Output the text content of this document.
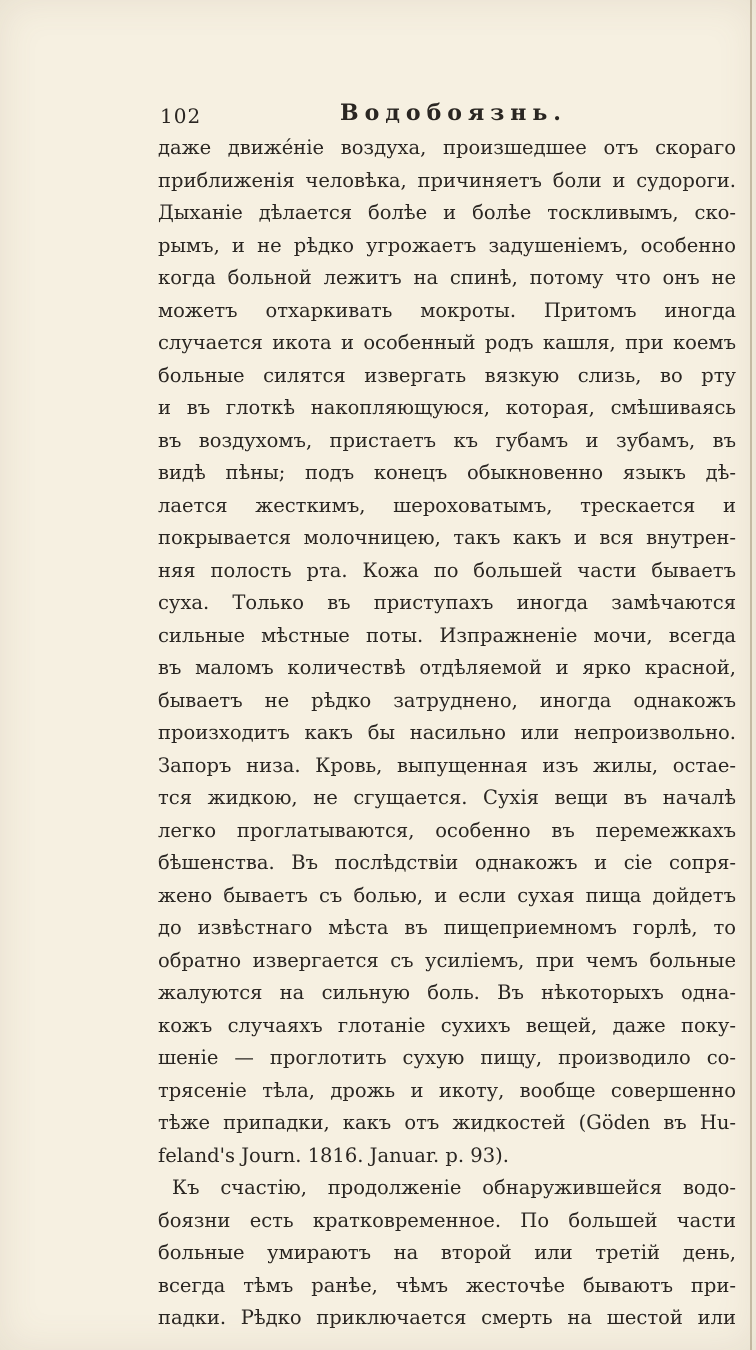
102	Водобоязнь.
даже движéніе воздуха, произшедшее отъ скораго
приближенія человѣка, причиняетъ боли и судороги.
Дыханіе дѣлается болѣе и болѣе тоскливымъ, ско-
рымъ, и не рѣдко угрожаетъ задушеніемъ, особенно
когда больной лежитъ на спинѣ, потому что онъ не
можетъ отхаркивать мокроты. Притомъ иногда
случается икота и особенный родъ кашля, при коемъ
больные силятся извергать вязкую слизь, во рту
и въ глоткѣ накопляющуюся, которая, смѣшиваясь
въ воздухомъ, пристаетъ къ губамъ и зубамъ, въ
видѣ пѣны; подъ конецъ обыкновенно языкъ дѣ-
лается жесткимъ, шероховатымъ, трескается и
покрывается молочницею, такъ какъ и вся внутрен-
няя полость рта. Кожа по большей части бываетъ
суха. Только въ приступахъ иногда замѣчаются
сильные мѣстные поты. Изпражненіе мочи, всегда
въ маломъ количествѣ отдѣляемой и ярко красной,
бываетъ не рѣдко затруднено, иногда однакожъ
произходитъ какъ бы насильно или непроизвольно.
Запоръ низа. Кровь, выпущенная изъ жилы, остае-
тся жидкою, не сгущается. Сухія вещи въ началѣ
легко проглатываются, особенно въ перемежкахъ
бѣшенства. Въ послѣдствіи однакожъ и сіе сопря-
жено бываетъ съ болью, и если сухая пища дойдетъ
до извѣстнаго мѣста въ пищеприемномъ горлѣ, то
обратно извергается съ усиліемъ, при чемъ больные
жалуются на сильную боль. Въ нѣкоторыхъ одна-
кожъ случаяхъ глотаніе сухихъ вещей, даже поку-
шеніе — проглотить сухую пищу, производило со-
трясеніе тѣла, дрожь и икоту, вообще совершенно
тѣже припадки, какъ отъ жидкостей (Göden въ Hu-
feland's Journ. 1816. Januar. p. 93).
Къ счастію, продолженіе обнаружившейся водо-
боязни есть кратковременное. По большей части
больные умираютъ на второй или третій день,
всегда тѣмъ ранѣе, чѣмъ жесточѣе бываютъ при-
падки. Рѣдко приключается смерть на шестой или
